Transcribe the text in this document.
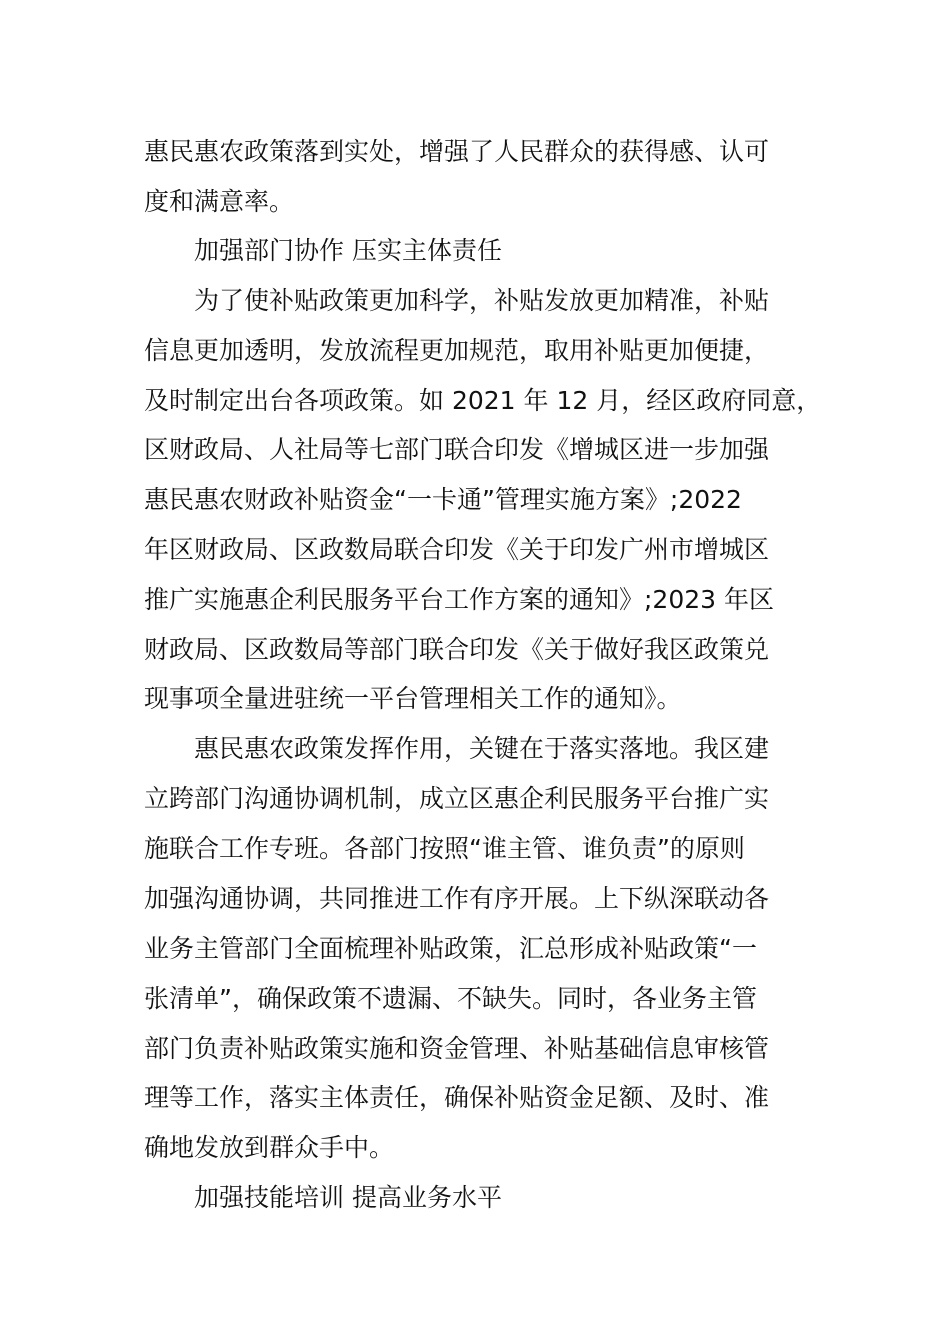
惠民惠农政策落到实处，增强了人民群众的获得感、认可
度和满意率。
加强部门协作 压实主体责任
为了使补贴政策更加科学，补贴发放更加精准，补贴
信息更加透明，发放流程更加规范，取用补贴更加便捷，
及时制定出台各项政策。如 2021 年 12 月，经区政府同意，
区财政局、人社局等七部门联合印发《增城区进一步加强
惠民惠农财政补贴资金“一卡通”管理实施方案》;2022
年区财政局、区政数局联合印发《关于印发广州市增城区
推广实施惠企利民服务平台工作方案的通知》;2023 年区
财政局、区政数局等部门联合印发《关于做好我区政策兑
现事项全量进驻统一平台管理相关工作的通知》。
惠民惠农政策发挥作用，关键在于落实落地。我区建
立跨部门沟通协调机制，成立区惠企利民服务平台推广实
施联合工作专班。各部门按照“谁主管、谁负责”的原则
加强沟通协调，共同推进工作有序开展。上下纵深联动各
业务主管部门全面梳理补贴政策，汇总形成补贴政策“一
张清单”，确保政策不遗漏、不缺失。同时，各业务主管
部门负责补贴政策实施和资金管理、补贴基础信息审核管
理等工作，落实主体责任，确保补贴资金足额、及时、准
确地发放到群众手中。
加强技能培训 提高业务水平
